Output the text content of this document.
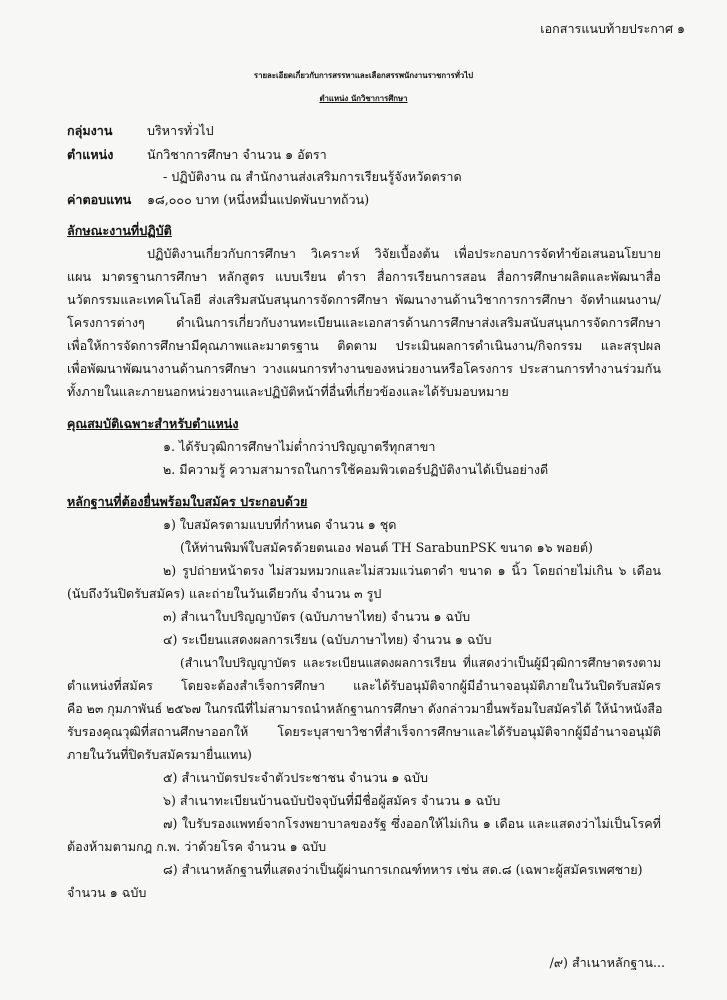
เอกสารแนบท้ายประกาศ ๑
รายละเอียดเกี่ยวกับการสรรหาและเลือกสรรพนักงานราชการทั่วไป
ตำแหน่ง นักวิชาการศึกษา
กลุ่มงาน	บริหารทั่วไป
ตำแหน่ง	นักวิชาการศึกษา จำนวน ๑ อัตรา
- ปฏิบัติงาน ณ สำนักงานส่งเสริมการเรียนรู้จังหวัดตราด
ค่าตอบแทน ๑๘,๐๐๐ บาท (หนึ่งหมื่นแปดพันบาทถ้วน)
ลักษณะงานที่ปฏิบัติ
ปฏิบัติงานเกี่ยวกับการศึกษา วิเคราะห์ วิจัยเบื้องต้น เพื่อประกอบการจัดทำข้อเสนอนโยบาย
แผน มาตรฐานการศึกษา หลักสูตร แบบเรียน ตำรา สื่อการเรียนการสอน สื่อการศึกษาผลิตและพัฒนาสื่อ
นวัตกรรมและเทคโนโลยี ส่งเสริมสนับสนุนการจัดการศึกษา พัฒนางานด้านวิชาการการศึกษา จัดทำแผนงาน/
โครงการต่างๆ ดำเนินการเกี่ยวกับงานทะเบียนและเอกสารด้านการศึกษาส่งเสริมสนับสนุนการจัดการศึกษา
เพื่อให้การจัดการศึกษามีคุณภาพและมาตรฐาน ติดตาม ประเมินผลการดำเนินงาน/กิจกรรม และสรุปผล
เพื่อพัฒนาพัฒนางานด้านการศึกษา วางแผนการทำงานของหน่วยงานหรือโครงการ ประสานการทำงานร่วมกัน
ทั้งภายในและภายนอกหน่วยงานและปฏิบัติหน้าที่อื่นที่เกี่ยวข้องและได้รับมอบหมาย
คุณสมบัติเฉพาะสำหรับตำแหน่ง
๑. ได้รับวุฒิการศึกษาไม่ต่ำกว่าปริญญาตรีทุกสาขา
๒. มีความรู้ ความสามารถในการใช้คอมพิวเตอร์ปฏิบัติงานได้เป็นอย่างดี
หลักฐานที่ต้องยื่นพร้อมใบสมัคร ประกอบด้วย
๑) ใบสมัครตามแบบที่กำหนด จำนวน ๑ ชุด
(ให้ท่านพิมพ์ใบสมัครด้วยตนเอง ฟอนต์ TH SarabunPSK ขนาด ๑๖ พอยต์)
๒) รูปถ่ายหน้าตรง ไม่สวมหมวกและไม่สวมแว่นตาดำ ขนาด ๑ นิ้ว โดยถ่ายไม่เกิน ๖ เดือน
(นับถึงวันปิดรับสมัคร) และถ่ายในวันเดียวกัน จำนวน ๓ รูป
๓) สำเนาใบปริญญาบัตร (ฉบับภาษาไทย) จำนวน ๑ ฉบับ
๔) ระเบียนแสดงผลการเรียน (ฉบับภาษาไทย) จำนวน ๑ ฉบับ
(สำเนาใบปริญญาบัตร และระเบียนแสดงผลการเรียน ที่แสดงว่าเป็นผู้มีวุฒิการศึกษาตรงตาม
ตำแหน่งที่สมัคร โดยจะต้องสำเร็จการศึกษา และได้รับอนุมัติจากผู้มีอำนาจอนุมัติภายในวันปิดรับสมัคร
คือ ๒๓ กุมภาพันธ์ ๒๕๖๗ ในกรณีที่ไม่สามารถนำหลักฐานการศึกษา ดังกล่าวมายื่นพร้อมใบสมัครได้ ให้นำหนังสือ
รับรองคุณวุฒิที่สถานศึกษาออกให้ โดยระบุสาขาวิชาที่สำเร็จการศึกษาและได้รับอนุมัติจากผู้มีอำนาจอนุมัติ
ภายในวันที่ปิดรับสมัครมายื่นแทน)
๕) สำเนาบัตรประจำตัวประชาชน จำนวน ๑ ฉบับ
๖) สำเนาทะเบียนบ้านฉบับปัจจุบันที่มีชื่อผู้สมัคร จำนวน ๑ ฉบับ
๗) ใบรับรองแพทย์จากโรงพยาบาลของรัฐ ซึ่งออกให้ไม่เกิน ๑ เดือน และแสดงว่าไม่เป็นโรคที่
ต้องห้ามตามกฎ ก.พ. ว่าด้วยโรค จำนวน ๑ ฉบับ
๘) สำเนาหลักฐานที่แสดงว่าเป็นผู้ผ่านการเกณฑ์ทหาร เช่น สด.๘ (เฉพาะผู้สมัครเพศชาย)
จำนวน ๑ ฉบับ
/๙) สำเนาหลักฐาน...
